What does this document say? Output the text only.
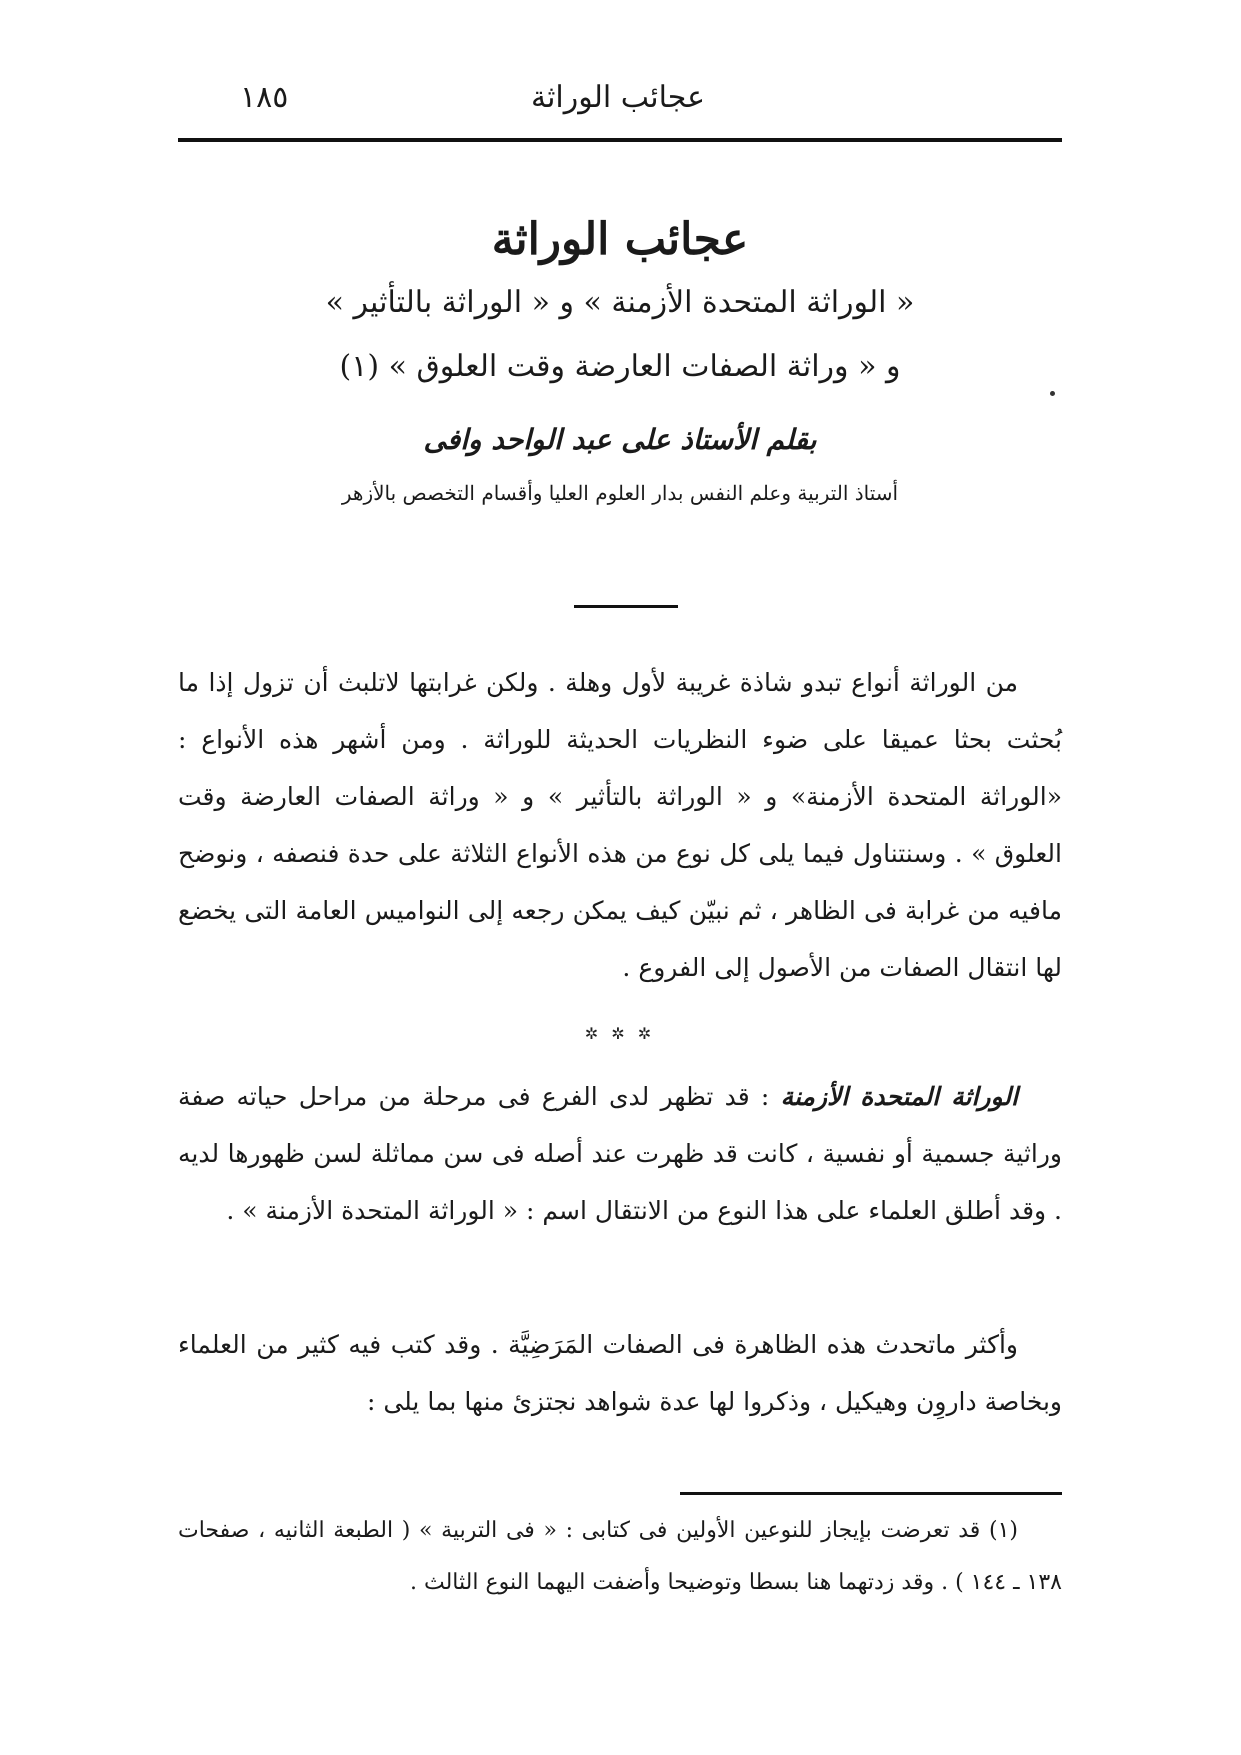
عجائب الوراثة
١٨٥
عجائب الوراثة

« الوراثة المتحدة الأزمنة » و « الوراثة بالتأثير »

و « وراثة الصفات العارضة وقت العلوق » (١)

بقلم الأستاذ على عبد الواحد وافى

أستاذ التربية وعلم النفس بدار العلوم العليا وأقسام التخصص بالأزهر

من الوراثة أنواع تبدو شاذة غريبة لأول وهلة . ولكن غرابتها لاتلبث أن تزول إذا ما بُحثت بحثا عميقا على ضوء النظريات الحديثة للوراثة . ومن أشهر هذه الأنواع : «الوراثة المتحدة الأزمنة» و « الوراثة بالتأثير » و « وراثة الصفات العارضة وقت العلوق » . وسنتناول فيما يلى كل نوع من هذه الأنواع الثلاثة على حدة فنصفه ، ونوضح مافيه من غرابة فى الظاهر ، ثم نبيّن كيف يمكن رجعه إلى النواميس العامة التى يخضع لها انتقال الصفات من الأصول إلى الفروع .

✲ ✲ ✲

الوراثة المتحدة الأزمنة : قد تظهر لدى الفرع فى مرحلة من مراحل حياته صفة وراثية جسمية أو نفسية ، كانت قد ظهرت عند أصله فى سن مماثلة لسن ظهورها لديه . وقد أطلق العلماء على هذا النوع من الانتقال اسم : « الوراثة المتحدة الأزمنة » .

وأكثر ماتحدث هذه الظاهرة فى الصفات المَرَضِيَّة . وقد كتب فيه كثير من العلماء وبخاصة داروِن وهيكيل ، وذكروا لها عدة شواهد نجتزئ منها بما يلى :

(١) قد تعرضت بإيجاز للنوعين الأولين فى كتابى : « فى التربية » ( الطبعة الثانيه ، صفحات ١٣٨ ـ ١٤٤ ) . وقد زدتهما هنا بسطا وتوضيحا وأضفت اليهما النوع الثالث .
